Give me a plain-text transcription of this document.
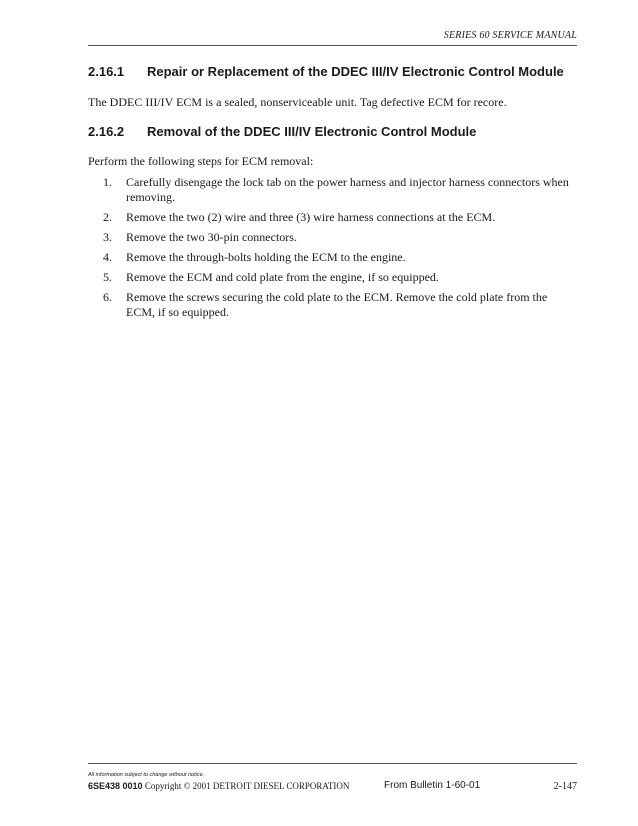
SERIES 60 SERVICE MANUAL
2.16.1 Repair or Replacement of the DDEC III/IV Electronic Control Module
The DDEC III/IV ECM is a sealed, nonserviceable unit. Tag defective ECM for recore.
2.16.2 Removal of the DDEC III/IV Electronic Control Module
Perform the following steps for ECM removal:
1. Carefully disengage the lock tab on the power harness and injector harness connectors when removing.
2. Remove the two (2) wire and three (3) wire harness connections at the ECM.
3. Remove the two 30-pin connectors.
4. Remove the through-bolts holding the ECM to the engine.
5. Remove the ECM and cold plate from the engine, if so equipped.
6. Remove the screws securing the cold plate to the ECM. Remove the cold plate from the ECM, if so equipped.
All information subject to change without notice.
6SE438 0010 Copyright © 2001 DETROIT DIESEL CORPORATION	From Bulletin 1-60-01	2-147
